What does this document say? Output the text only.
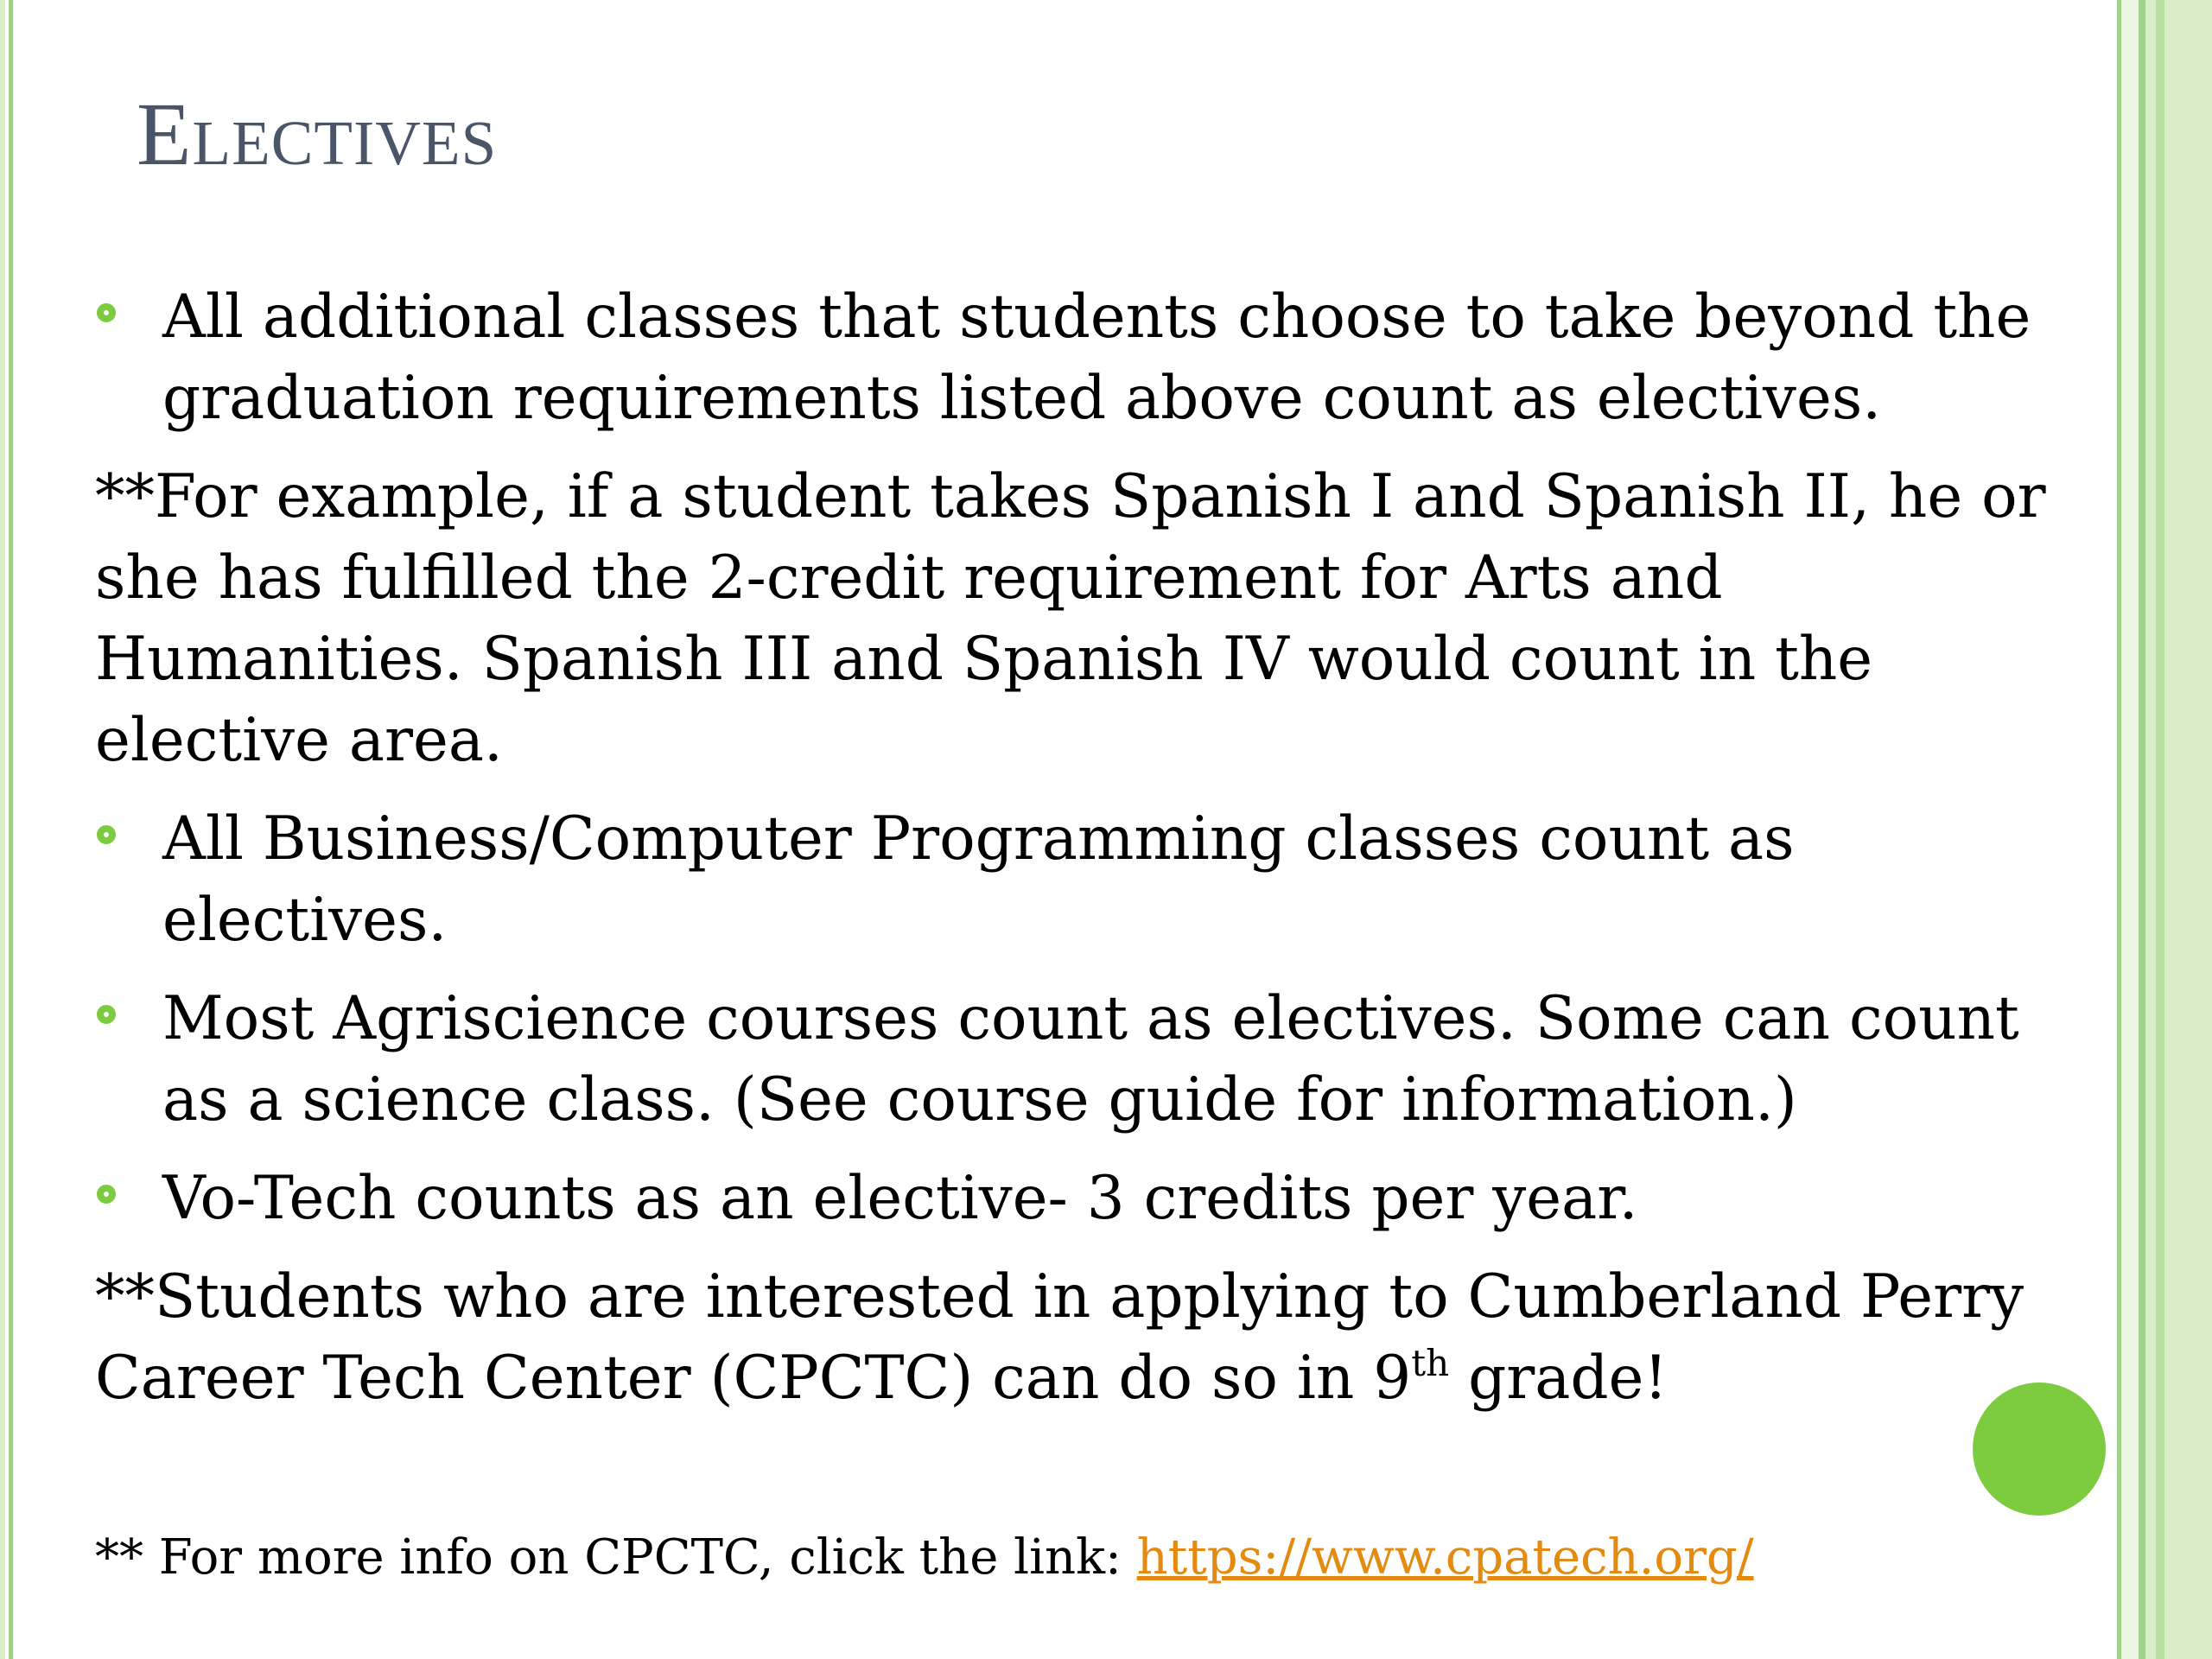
Electives
All additional classes that students choose to take beyond the graduation requirements listed above count as electives.

**For example, if a student takes Spanish I and Spanish II, he or she has fulfilled the 2-credit requirement for Arts and Humanities. Spanish III and Spanish IV would count in the elective area.

All Business/Computer Programming classes count as electives.
Most Agriscience courses count as electives. Some can count as a science class. (See course guide for information.)
Vo-Tech counts as an elective- 3 credits per year.

**Students who are interested in applying to Cumberland Perry Career Tech Center (CPCTC) can do so in 9th grade!

** For more info on CPCTC, click the link: https://www.cpatech.org/
